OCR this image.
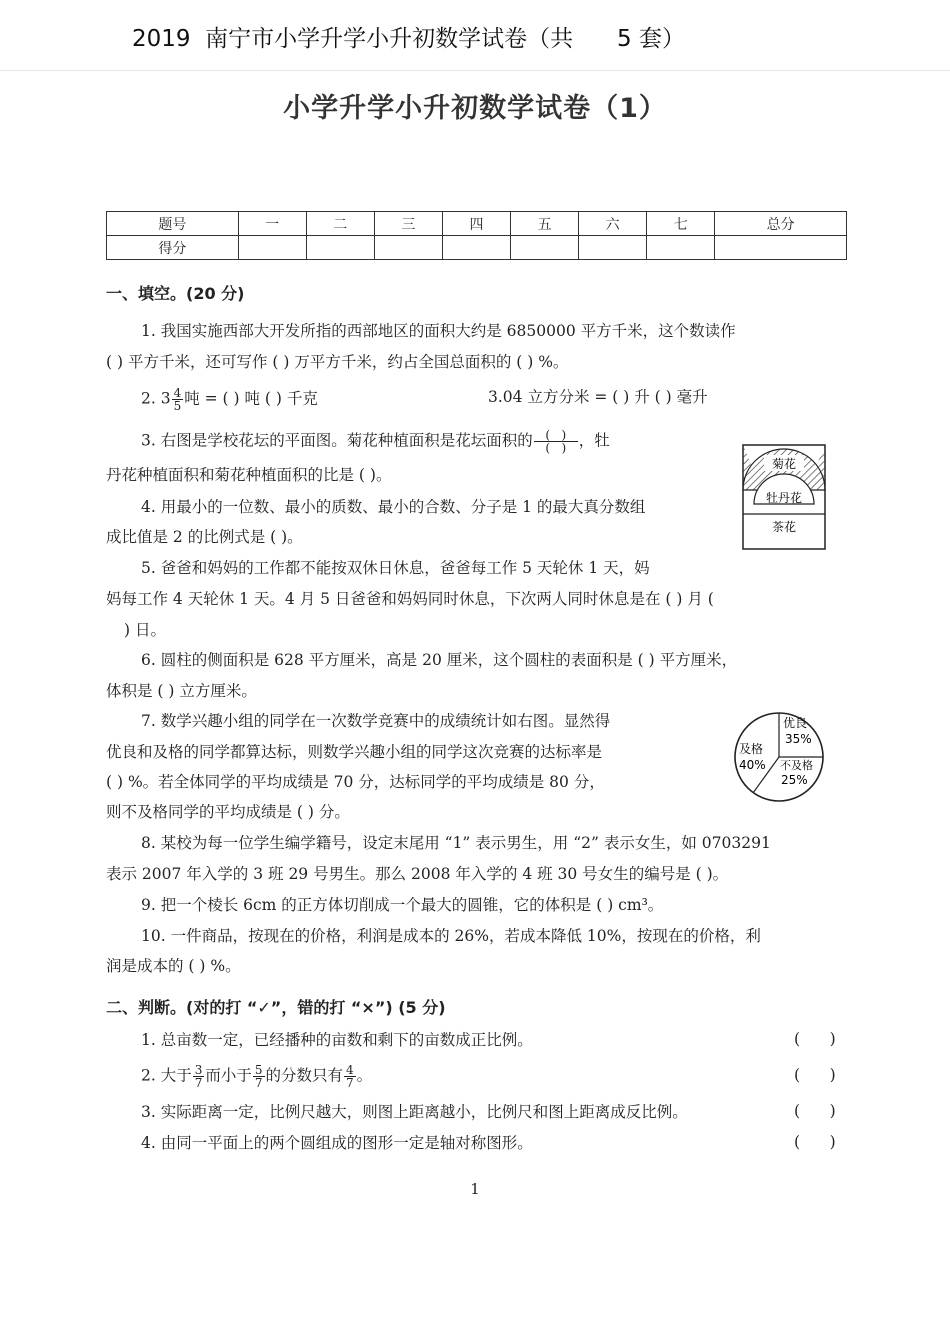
2019  南宁市小学升学小升初数学试卷（共      5 套）
小学升学小升初数学试卷（1）
题号	一	二	三	四	五	六	七	总分
得分								
一、填空。(20 分)
1. 我国实施西部大开发所指的西部地区的面积大约是 6850000 平方千米，这个数读作
( ) 平方千米，还可写作 ( ) 万平方千米，约占全国总面积的 ( ) %。
2. $3 \frac{4}{5}$ 吨 = ( ) 吨 ( ) 千克	3.04 立方分米 = ( ) 升 ( ) 毫升
3. 右图是学校花坛的平面图。菊花种植面积是花坛面积的 $\frac{( )}{( )}$ ，牡
丹花种植面积和菊花种植面积的比是 ( )。
菊花
牡丹花
茶花
4. 用最小的一位数、最小的质数、最小的合数、分子是 1 的最大真分数组
成比值是 2 的比例式是 ( )。
5. 爸爸和妈妈的工作都不能按双休日休息，爸爸每工作 5 天轮休 1 天，妈
妈每工作 4 天轮休 1 天。4 月 5 日爸爸和妈妈同时休息，下次两人同时休息是在 ( ) 月 (
) 日。
6. 圆柱的侧面积是 628 平方厘米，高是 20 厘米，这个圆柱的表面积是 ( ) 平方厘米，
体积是 ( ) 立方厘米。
7. 数学兴趣小组的同学在一次数学竞赛中的成绩统计如右图。显然得
优良和及格的同学都算达标，则数学兴趣小组的同学这次竞赛的达标率是
( ) %。若全体同学的平均成绩是 70 分，达标同学的平均成绩是 80 分，
则不及格同学的平均成绩是 ( ) 分。
优良
35%
及格
40% 不及格
25%
8. 某校为每一位学生编学籍号，设定末尾用 “1” 表示男生，用 “2” 表示女生，如 0703291
表示 2007 年入学的 3 班 29 号男生。那么 2008 年入学的 4 班 30 号女生的编号是 ( )。
9. 把一个棱长 6cm 的正方体切削成一个最大的圆锥，它的体积是 ( ) cm³。
10. 一件商品，按现在的价格，利润是成本的 26%，若成本降低 10%，按现在的价格，利
润是成本的 ( ) %。
二、判断。(对的打 “✓”，错的打 “×”) (5 分)
1. 总亩数一定，已经播种的亩数和剩下的亩数成正比例。	(      )
2. 大于 $\frac{3}{7}$ 而小于 $\frac{5}{7}$ 的分数只有 $\frac{4}{7}$ 。	(      )
3. 实际距离一定，比例尺越大，则图上距离越小，比例尺和图上距离成反比例。	(      )
4. 由同一平面上的两个圆组成的图形一定是轴对称图形。	(      )
1
